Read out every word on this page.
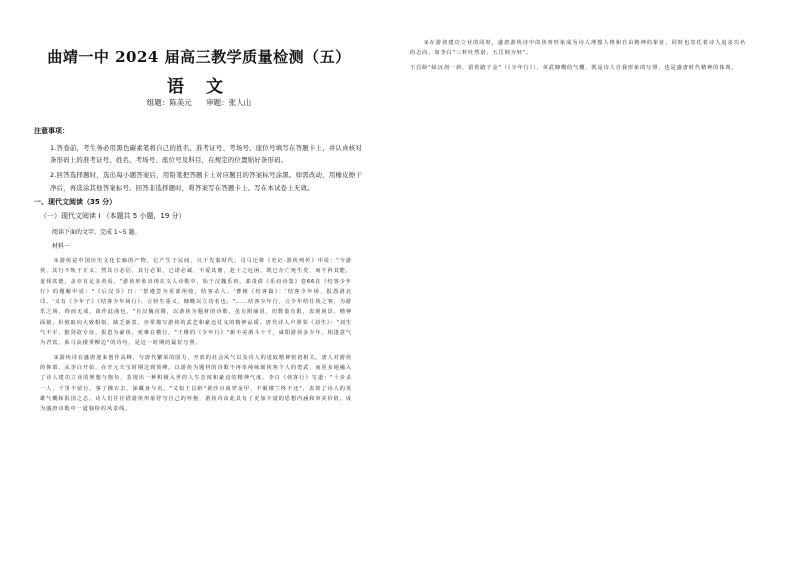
曲靖一中 2024 届高三教学质量检测（五）
语 文
组题：陈美元 审题：张人山
注意事项：

1.答卷前，考生务必用黑色碳素笔将自己的姓名、准考证号、考场号、座位号填写在答题卡上，并认真核对条形码上的准考证号、姓名、考场号、座位号及科目，在规定的位置贴好条形码。

2.回答选择题时，选出每小题答案后，用铅笔把答题卡上对应题目的答案标号涂黑。如需改动，用橡皮擦干净后，再选涂其他答案标号。回答非选择题时，将答案写在答题卡上。写在本试卷上无效。

一、现代文阅读（35 分）
（一）现代文阅读 I （本题共 5 小题，19 分）
阅读下面的文字，完成 1~5 题。
材料一

①游侠是中国历史文化长廊的产物，它产生于民间，兴于先秦时代。司马迁将《史记·游侠列传》中说："今游侠，其行不轨于正义，然其言必信，其行必果，已诺必诚，不爱其躯，赴士之厄困，既已存亡死生矣，而不矜其能，羞伐其德，盖亦有足多者焉。"游侠形象出现在文人诗歌中，始于汉魏乐府。郭茂倩《乐府诗集》卷66在《结客少年行》的题解中说："《后汉书》曰：'祭遵尝为更部所收，结客杀人。'曹植《结客篇》：'结客少年场，报怨洛北邙。'又有《少年子》《结客少年场行》，言轻生重义，慷慨以立功名也。"……结客少年行，言少年结任侠之客，为游乐之场，终而无成，故作此曲也。"自汉魏直隋，以游侠为题材的诗歌，虽有附丽说，但数量有限，表现场景、精神面貌、价值取向大致相似，缺乏新意，亦常描写游侠的武艺和豪迈仗义的精神品质。唐代诗人卢照邻《刘生》："刘生气不平，抱剑欲专征。报恩为豪侠，死难在横行。"王维的《少年行》"新丰美酒斗十千，咸阳游侠多少年，相逢意气为君饮，系马高楼垂柳边"的诗句，是这一时期的最好写照。

②游侠诗在盛唐迎来创作高峰，与唐代繁荣的国力、开放的社会风气以及诗人的进取精神密切相关。唐人对游侠的仰慕，从李白开始，在开元天宝时期达到顶峰。以游侠为题材的诗歌不再单纯咏颂侠客个人的勇武，而更多地融入了诗人建功立业的理想与抱负，表现出一种积极入世的人生态度和豪迈的精神气度。李白《侠客行》写道："十步杀一人，千里不留行。事了拂衣去，深藏身与名。"又如王昌龄"黄沙百战穿金甲，不破楼兰终不还"，表现了诗人的英雄气概和报国之志。诗人们往往借游侠形象抒写自己的怀抱，游侠诗由此具有了更加丰富的思想内涵和审美价值，成为盛唐诗歌中一道独特的风景线。

③在游侠建功立业的同时，盛唐游侠诗中的侠客形象成为诗人理想人格和自由精神的象征，同时也寄托着诗人追求功名的志向，如李白"三杯吐然诺，五岳倒为轻"。

王昌龄"绿沉剑一斜，留着踏千金"（《少年行》），英武慷慨的气概，既是诗人自我形象的写照，也是盛唐时代精神的体现。
